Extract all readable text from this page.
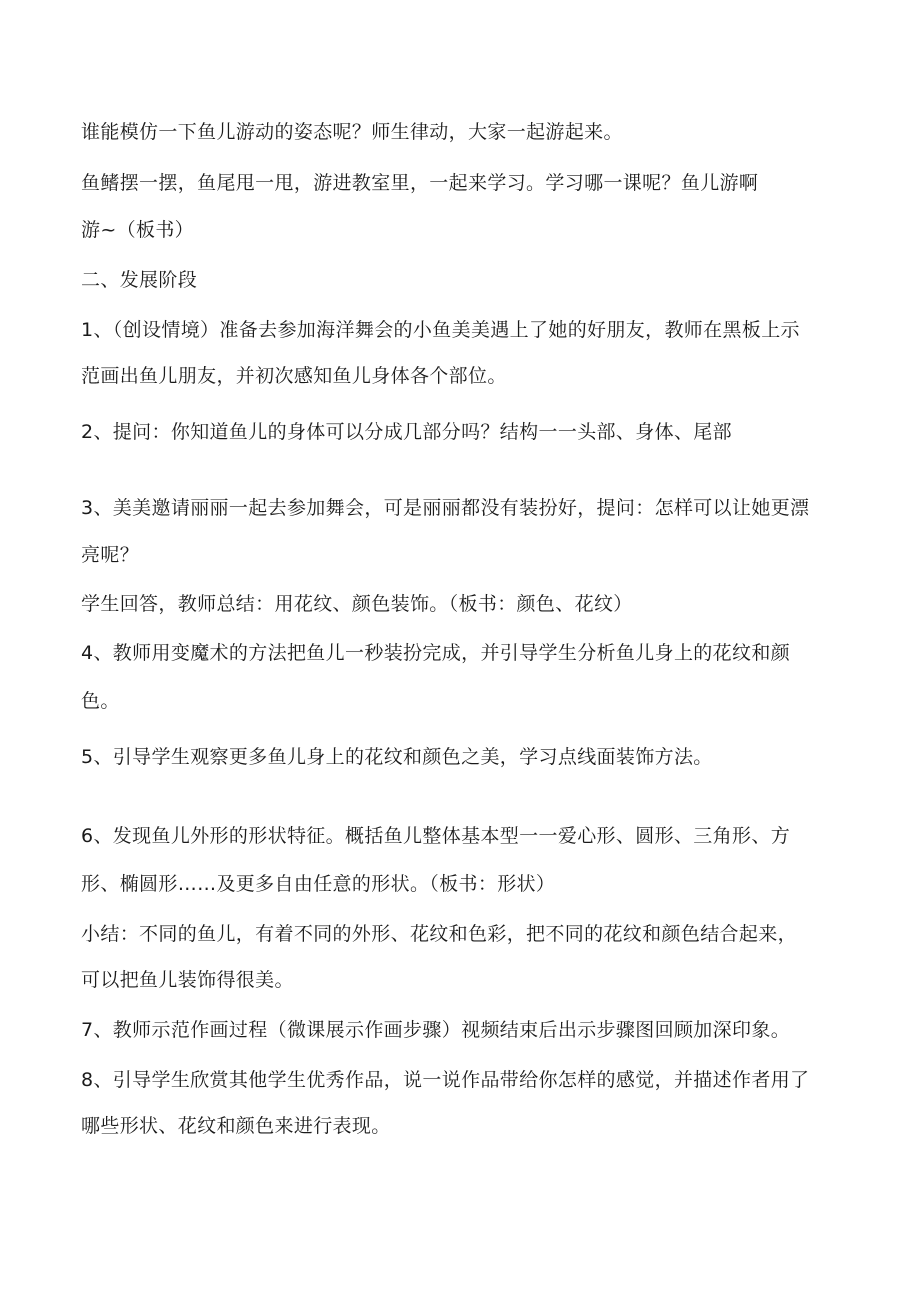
谁能模仿一下鱼儿游动的姿态呢？师生律动，大家一起游起来。
鱼鳍摆一摆，鱼尾甩一甩，游进教室里，一起来学习。学习哪一课呢？鱼儿游啊
游~（板书）
二、发展阶段
1、（创设情境）准备去参加海洋舞会的小鱼美美遇上了她的好朋友，教师在黑板上示
范画出鱼儿朋友，并初次感知鱼儿身体各个部位。
2、提问：你知道鱼儿的身体可以分成几部分吗？结构一一头部、身体、尾部
3、美美邀请丽丽一起去参加舞会，可是丽丽都没有装扮好，提问：怎样可以让她更漂
亮呢？
学生回答，教师总结：用花纹、颜色装饰。（板书：颜色、花纹）
4、教师用变魔术的方法把鱼儿一秒装扮完成，并引导学生分析鱼儿身上的花纹和颜
色。
5、引导学生观察更多鱼儿身上的花纹和颜色之美，学习点线面装饰方法。
6、发现鱼儿外形的形状特征。概括鱼儿整体基本型一一爱心形、圆形、三角形、方
形、椭圆形……及更多自由任意的形状。（板书：形状）
小结：不同的鱼儿，有着不同的外形、花纹和色彩，把不同的花纹和颜色结合起来，
可以把鱼儿装饰得很美。
7、教师示范作画过程（微课展示作画步骤）视频结束后出示步骤图回顾加深印象。
8、引导学生欣赏其他学生优秀作品，说一说作品带给你怎样的感觉，并描述作者用了
哪些形状、花纹和颜色来进行表现。
